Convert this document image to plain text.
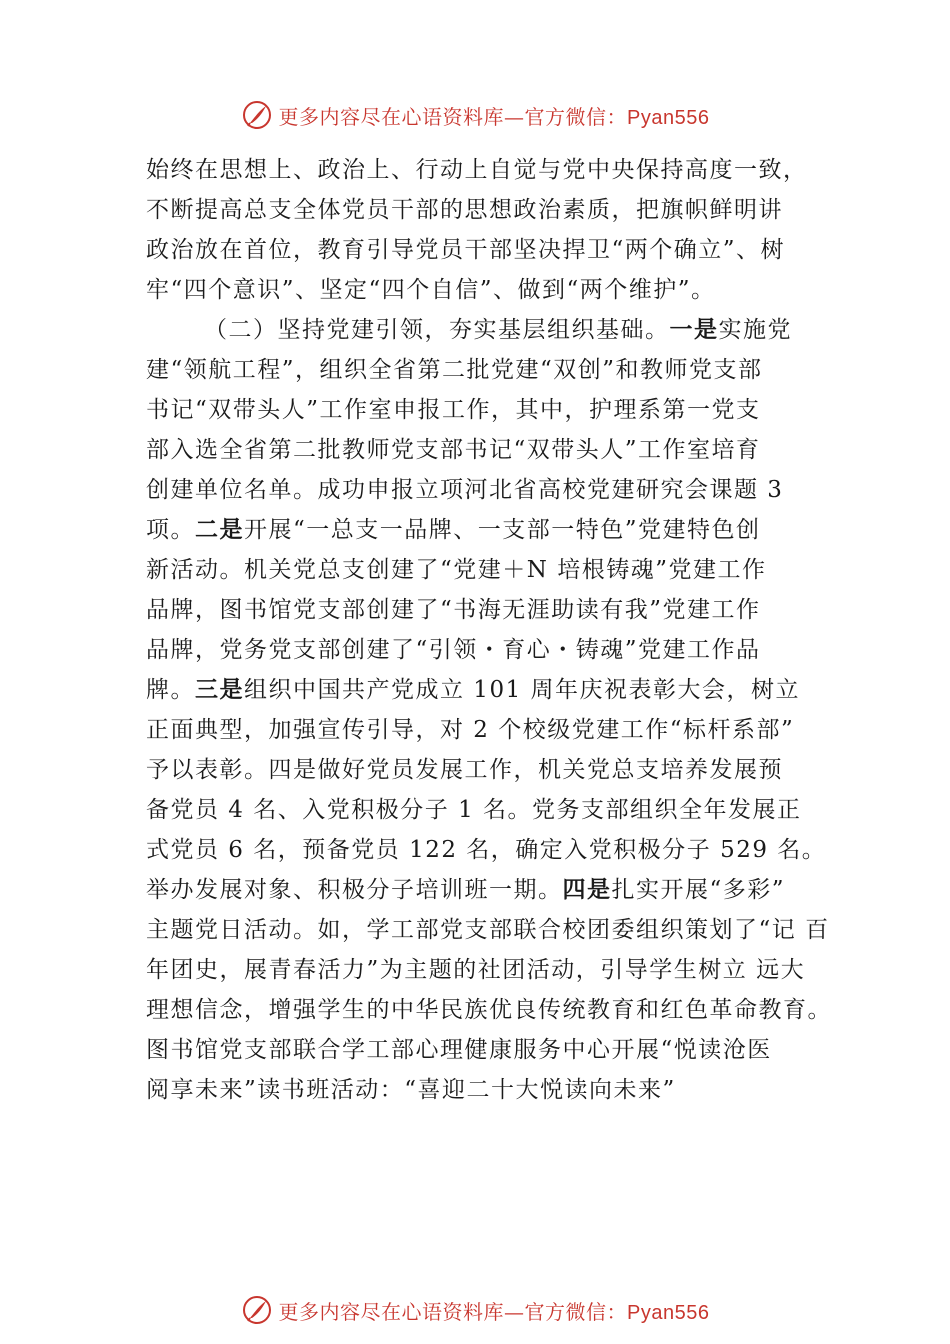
更多内容尽在心语资料库—官方微信：Pyan556
始终在思想上、政治上、行动上自觉与党中央保持高度一致，
不断提高总支全体党员干部的思想政治素质，把旗帜鲜明讲
政治放在首位，教育引导党员干部坚决捍卫“两个确立”、树
牢“四个意识”、坚定“四个自信”、做到“两个维护”。
（二）坚持党建引领，夯实基层组织基础。一是实施党
建“领航工程”，组织全省第二批党建“双创”和教师党支部
书记“双带头人”工作室申报工作，其中，护理系第一党支
部入选全省第二批教师党支部书记“双带头人”工作室培育
创建单位名单。成功申报立项河北省高校党建研究会课题 3
项。二是开展“一总支一品牌、一支部一特色”党建特色创
新活动。机关党总支创建了“党建＋N 培根铸魂”党建工作
品牌，图书馆党支部创建了“书海无涯助读有我”党建工作
品牌，党务党支部创建了“引领・育心・铸魂”党建工作品
牌。三是组织中国共产党成立 101 周年庆祝表彰大会，树立
正面典型，加强宣传引导，对 2 个校级党建工作“标杆系部”
予以表彰。四是做好党员发展工作，机关党总支培养发展预
备党员 4 名、入党积极分子 1 名。党务支部组织全年发展正
式党员 6 名，预备党员 122 名，确定入党积极分子 529 名。
举办发展对象、积极分子培训班一期。四是扎实开展“多彩”
主题党日活动。如，学工部党支部联合校团委组织策划了“记 百
年团史，展青春活力”为主题的社团活动，引导学生树立 远大
理想信念，增强学生的中华民族优良传统教育和红色革命教育。
图书馆党支部联合学工部心理健康服务中心开展“悦读沧医
阅享未来”读书班活动：“喜迎二十大悦读向未来”
更多内容尽在心语资料库—官方微信：Pyan556
